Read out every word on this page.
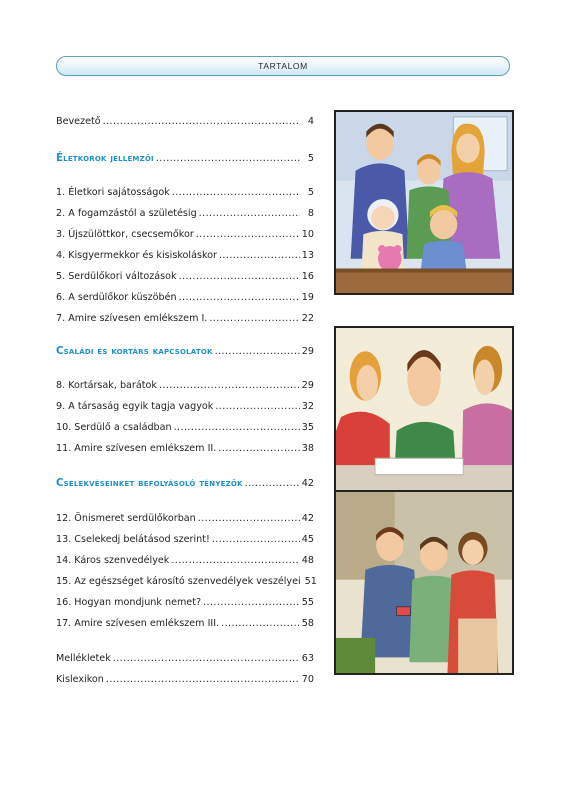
TARTALOM
Bevezető .....	4
Életkorok jellemzői .....	5
1. Életkori sajátosságok .....	5
2. A fogamzástól a születésig .....	8
3. Újszülöttkor, csecsemőkor .....	10
4. Kisgyermekkor és kisiskoláskor .....	13
5. Serdülőkori változások .....	16
6. A serdülőkor küszöbén .....	19
7. Amire szívesen emlékszem I. .....	22
Családi és kortárs kapcsolatok .....	29
8. Kortársak, barátok .....	29
9. A társaság egyik tagja vagyok .....	32
10. Serdülő a családban .....	35
11. Amire szívesen emlékszem II. .....	38
Cselekvéseinket befolyásoló tényezők .....	42
12. Önismeret serdülőkorban .....	42
13. Cselekedj belátásod szerint! .....	45
14. Káros szenvedélyek .....	48
15. Az egészséget károsító szenvedélyek veszélyei 51
16. Hogyan mondjunk nemet? .....	55
17. Amire szívesen emlékszem III. .....	58
Mellékletek .....	63
Kislexikon .....	70
